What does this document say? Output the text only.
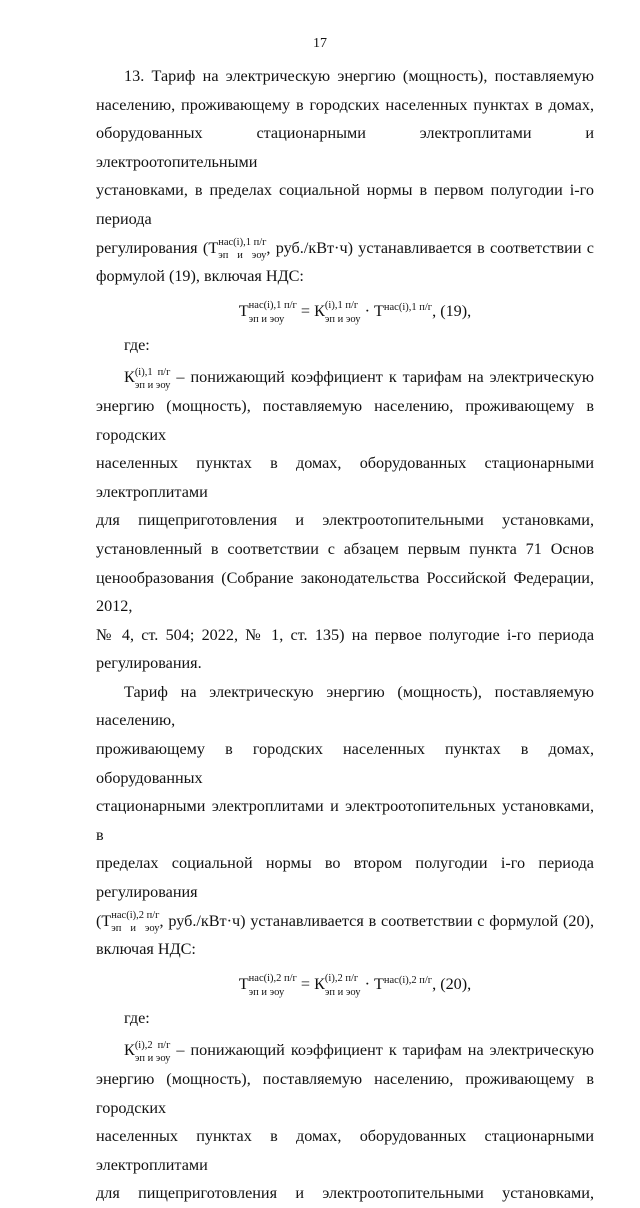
17

13. Тариф на электрическую энергию (мощность), поставляемую

населению, проживающему в городских населенных пунктах в домах,

оборудованных стационарными электроплитами и электроотопительными

установками, в пределах социальной нормы в первом полугодии i-го периода

регулирования (Т нас(i),1 п/г
эп и эоу , руб./кВт·ч) устанавливается в соответствии с

формулой (19), включая НДС:

Т нас(i),1 п/г
эп и эоу = К (i),1 п/г
эп и эоу · $Т^{нас(i),1 п/г}$, (19),

где:

К (i),1 п/г
эп и эоу – понижающий коэффициент к тарифам на электрическую

энергию (мощность), поставляемую населению, проживающему в городских

населенных пунктах в домах, оборудованных стационарными электроплитами

для пищеприготовления и электроотопительными установками,

установленный в соответствии с абзацем первым пункта 71 Основ

ценообразования (Собрание законодательства Российской Федерации, 2012,

№ 4, ст. 504; 2022, № 1, ст. 135) на первое полугодие i-го периода

регулирования.

Тариф на электрическую энергию (мощность), поставляемую населению,

проживающему в городских населенных пунктах в домах, оборудованных

стационарными электроплитами и электроотопительных установками, в

пределах социальной нормы во втором полугодии i-го периода регулирования

(Т нас(i),2 п/г
эп и эоу , руб./кВт·ч) устанавливается в соответствии с формулой (20),

включая НДС:

Т нас(i),2 п/г
эп и эоу = К (i),2 п/г
эп и эоу · $Т^{нас(i),2 п/г}$, (20),

где:

К (i),2 п/г
эп и эоу – понижающий коэффициент к тарифам на электрическую

энергию (мощность), поставляемую населению, проживающему в городских

населенных пунктах в домах, оборудованных стационарными электроплитами

для пищеприготовления и электроотопительными установками,
